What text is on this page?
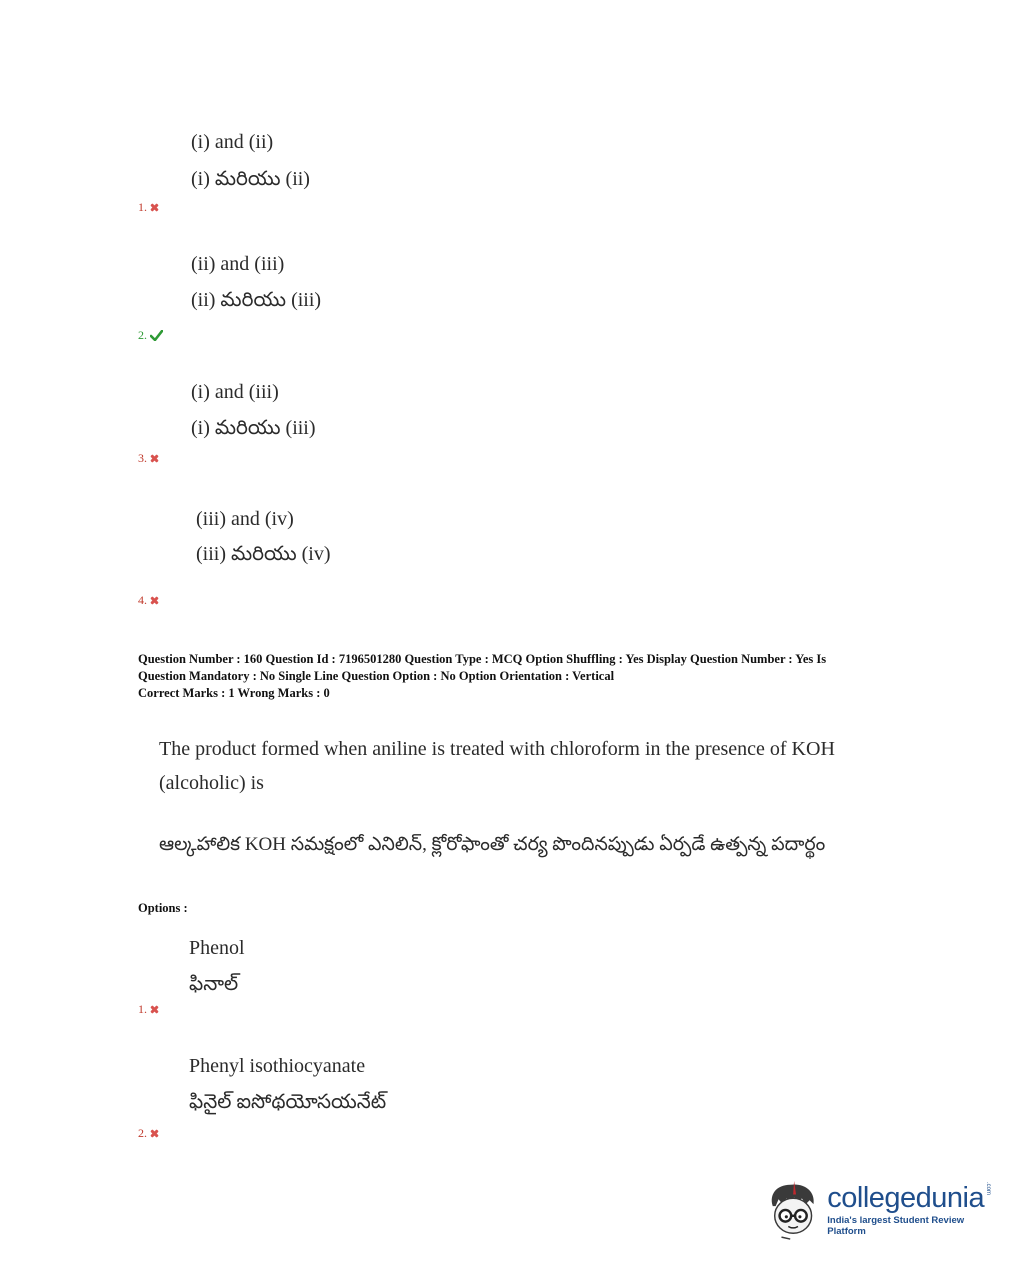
(i) and (ii)
(i) మరియు (ii)
1.
(ii) and (iii)
(ii) మరియు (iii)
2.
(i) and (iii)
(i) మరియు (iii)
3.
(iii) and (iv)
(iii) మరియు (iv)
4.
Question Number : 160 Question Id : 7196501280 Question Type : MCQ Option Shuffling : Yes Display Question Number : Yes Is
Question Mandatory : No Single Line Question Option : No Option Orientation : Vertical
Correct Marks : 1 Wrong Marks : 0
The product formed when aniline is treated with chloroform in the presence of KOH
(alcoholic) is
ఆల్కహాలిక KOH సమక్షంలో ఎనిలిన్, క్లోరోఫాంతో చర్య పొందినప్పుడు ఏర్పడే ఉత్పన్న పదార్థం
Options :
Phenol
ఫినాల్
1.
Phenyl isothiocyanate
ఫినైల్ ఐసోథయోసయనేట్
2.
collegedunia .com
India's largest Student Review Platform
